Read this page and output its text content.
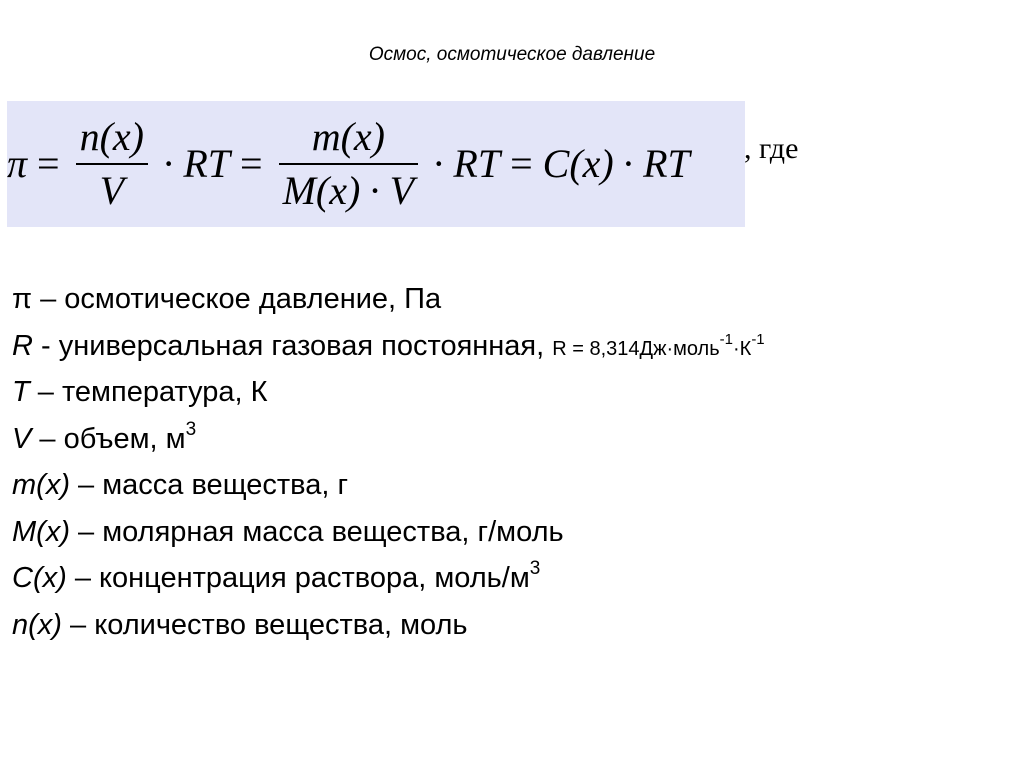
Осмос, осмотическое давление
$\pi = \frac{n(x)}{V}$ · RT = $\frac{m(x)}{M(x) \cdot V}$ · RT = C(x) · RT , где
π – осмотическое давление, Па
R - универсальная газовая постоянная, $R = 8,314Дж\cdot моль^{-1}\cdot К^{-1}$
T – температура, К
V – объем, $м^3$
m(x) – масса вещества, г
M(x) – молярная масса вещества, г/моль
C(x) – концентрация раствора, моль/$м^3$
n(x) – количество вещества, моль
